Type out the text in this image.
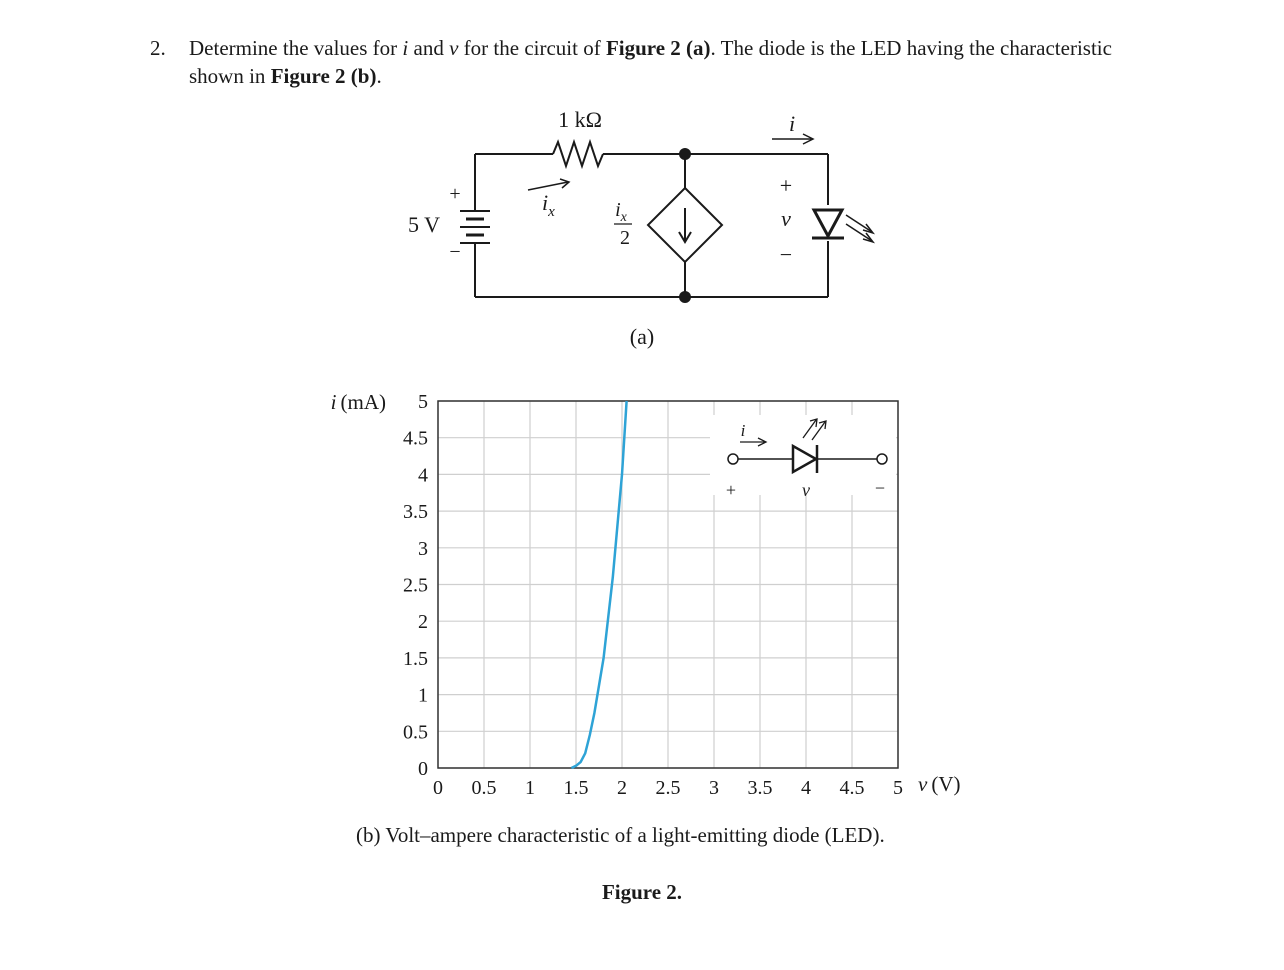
2. Determine the values for i and v for the circuit of Figure 2 (a). The diode is the LED having the characteristic shown in Figure 2 (b).
1 kΩ
5 V
+
−
$i_x$	$i_x$
2
i
+
v
−
(a)
0 0.5 1 1.5 2 2.5 3 3.5 4 4.5 5
0
0.5
1
1.5
2
2.5
3
3.5
4
4.5
5
i (mA)
v (V)
i
+	v	−
(b) Volt–ampere characteristic of a light-emitting diode (LED).
Figure 2.
